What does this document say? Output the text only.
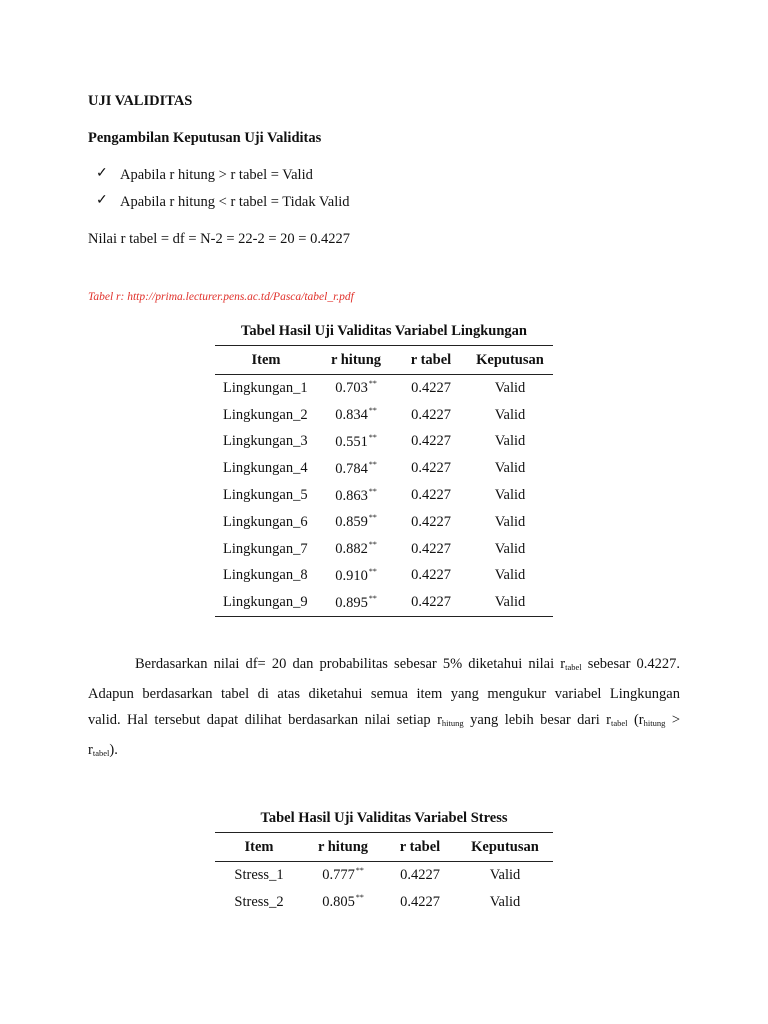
UJI VALIDITAS
Pengambilan Keputusan Uji Validitas
✓ Apabila r hitung > r tabel = Valid
✓ Apabila r hitung < r tabel = Tidak Valid
Nilai r tabel = df = N-2 = 22-2 = 20 = 0.4227
Tabel r: http://prima.lecturer.pens.ac.td/Pasca/tabel_r.pdf
Tabel Hasil Uji Validitas Variabel Lingkungan
Item	r hitung	r tabel	Keputusan
Lingkungan_1	0.703**	0.4227	Valid
Lingkungan_2	0.834**	0.4227	Valid
Lingkungan_3	0.551**	0.4227	Valid
Lingkungan_4	0.784**	0.4227	Valid
Lingkungan_5	0.863**	0.4227	Valid
Lingkungan_6	0.859**	0.4227	Valid
Lingkungan_7	0.882**	0.4227	Valid
Lingkungan_8	0.910**	0.4227	Valid
Lingkungan_9	0.895**	0.4227	Valid
Berdasarkan nilai df= 20 dan probabilitas sebesar 5% diketahui nilai $r_{tabel}$ sebesar 0.4227.
Adapun berdasarkan tabel di atas diketahui semua item yang mengukur variabel Lingkungan
valid. Hal tersebut dapat dilihat berdasarkan nilai setiap $r_{hitung}$ yang lebih besar dari $r_{tabel}$ ($r_{hitung}$ >
$r_{tabel}$).
Tabel Hasil Uji Validitas Variabel Stress
Item	r hitung	r tabel	Keputusan
Stress_1	0.777**	0.4227	Valid
Stress_2	0.805**	0.4227	Valid
